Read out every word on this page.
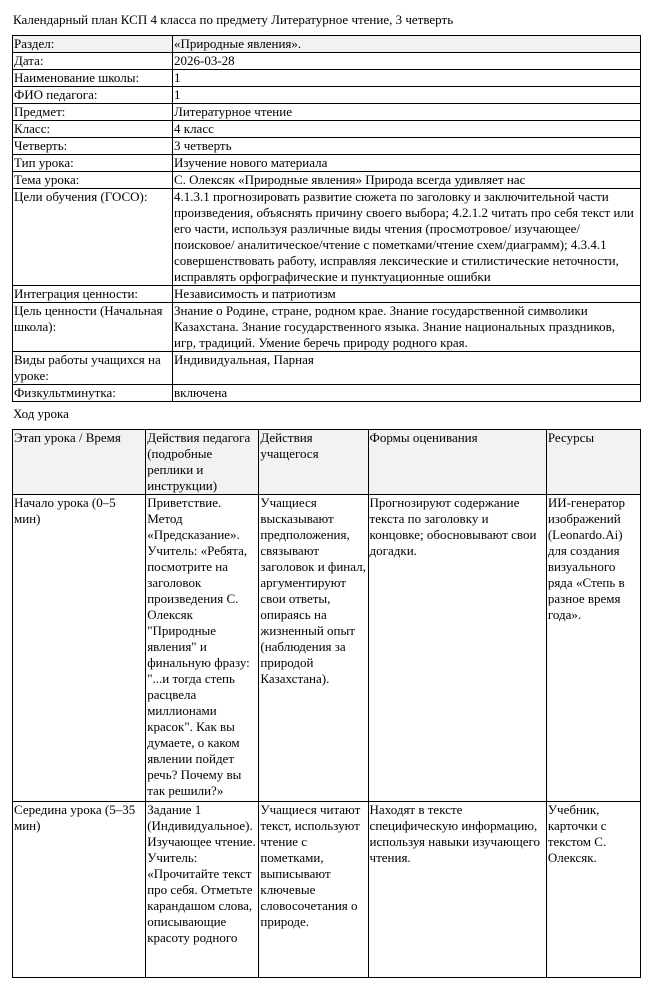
Календарный план КСП 4 класса по предмету Литературное чтение, 3 четверть
Раздел:	«Природные явления».
Дата:	2026-03-28
Наименование школы:	1
ФИО педагога:	1
Предмет:	Литературное чтение
Класс:	4 класс
Четверть:	3 четверть
Тип урока:	Изучение нового материала
Тема урока:	С. Олексяк «Природные явления» Природа всегда удивляет нас
Цели обучения (ГОСО):	4.1.3.1 прогнозировать развитие сюжета по заголовку и заключительной части произведения, объяснять причину своего выбора; 4.2.1.2 читать про себя текст или его части, используя различные виды чтения (просмотровое/ изучающее/поисковое/ аналитическое/чтение с пометками/чтение схем/диаграмм); 4.3.4.1 совершенствовать работу, исправляя лексические и стилистические неточности, исправлять орфографические и пунктуационные ошибки
Интеграция ценности:	Независимость и патриотизм
Цель ценности (Начальная школа):	Знание о Родине, стране, родном крае. Знание государственной символики Казахстана. Знание государственного языка. Знание национальных праздников, игр, традиций. Умение беречь природу родного края.
Виды работы учащихся на уроке:	Индивидуальная, Парная
Физкультминутка:	включена
Ход урока
Этап урока / Время	Действия педагога (подробные реплики и инструкции)	Действия учащегося	Формы оценивания	Ресурсы
Начало урока (0–5 мин)	Приветствие. Метод «Предсказание». Учитель: «Ребята, посмотрите на заголовок произведения С. Олексяк "Природные явления" и финальную фразу: "...и тогда степь расцвела миллионами красок". Как вы думаете, о каком явлении пойдет речь? Почему вы так решили?»	Учащиеся высказывают предположения, связывают заголовок и финал, аргументируют свои ответы, опираясь на жизненный опыт (наблюдения за природой Казахстана).	Прогнозируют содержание текста по заголовку и концовке; обосновывают свои догадки.	ИИ-генератор изображений (Leonardo.Ai) для создания визуального ряда «Степь в разное время года».
Середина урока (5–35 мин)	Задание 1 (Индивидуальное). Изучающее чтение. Учитель: «Прочитайте текст про себя. Отметьте карандашом слова, описывающие красоту родного	Учащиеся читают текст, используют чтение с пометками, выписывают ключевые словосочетания о природе.	Находят в тексте специфическую информацию, используя навыки изучающего чтения.	Учебник, карточки с текстом С. Олексяк.
